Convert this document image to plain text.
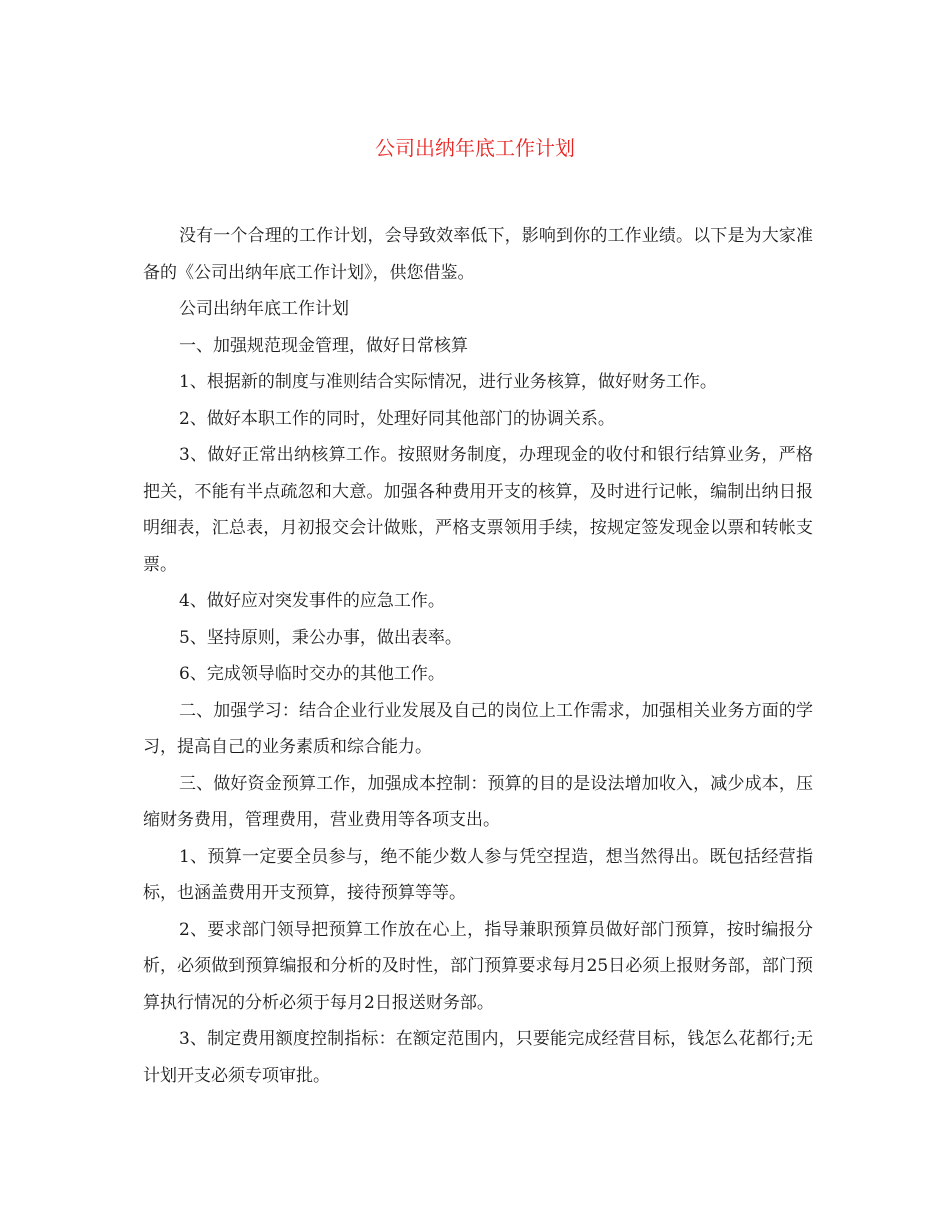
公司出纳年底工作计划

没有一个合理的工作计划，会导致效率低下，影响到你的工作业绩。以下是为大家准备的《公司出纳年底工作计划》，供您借鉴。

公司出纳年底工作计划

一、加强规范现金管理，做好日常核算

1、根据新的制度与准则结合实际情况，进行业务核算，做好财务工作。

2、做好本职工作的同时，处理好同其他部门的协调关系。

3、做好正常出纳核算工作。按照财务制度，办理现金的收付和银行结算业务，严格把关，不能有半点疏忽和大意。加强各种费用开支的核算，及时进行记帐，编制出纳日报明细表，汇总表，月初报交会计做账，严格支票领用手续，按规定签发现金以票和转帐支票。

4、做好应对突发事件的应急工作。

5、坚持原则，秉公办事，做出表率。

6、完成领导临时交办的其他工作。

二、加强学习：结合企业行业发展及自己的岗位上工作需求，加强相关业务方面的学习，提高自己的业务素质和综合能力。

三、做好资金预算工作，加强成本控制：预算的目的是设法增加收入，减少成本，压缩财务费用，管理费用，营业费用等各项支出。

1、预算一定要全员参与，绝不能少数人参与凭空捏造，想当然得出。既包括经营指标，也涵盖费用开支预算，接待预算等等。

2、要求部门领导把预算工作放在心上，指导兼职预算员做好部门预算，按时编报分析，必须做到预算编报和分析的及时性，部门预算要求每月25日必须上报财务部，部门预算执行情况的分析必须于每月2日报送财务部。

3、制定费用额度控制指标：在额定范围内，只要能完成经营目标，钱怎么花都行;无计划开支必须专项审批。
